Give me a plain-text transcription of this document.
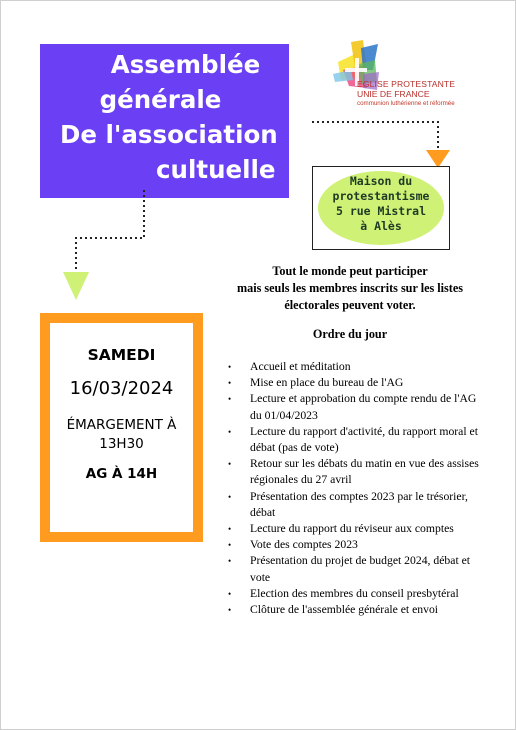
Assemblée
générale
De l'association
cultuelle
EGLISE PROTESTANTE
UNIE DE FRANCE
communion luthérienne et réformée
Maison du
protestantisme
5 rue Mistral
à Alès
SAMEDI
16/03/2024
ÉMARGEMENT À
13H30
AG À 14H
Tout le monde peut participer
mais seuls les membres inscrits sur les listes
électorales peuvent voter.
Ordre du jour
• Accueil et méditation
• Mise en place du bureau de l'AG
• Lecture et approbation du compte rendu de l'AG du 01/04/2023
• Lecture du rapport d'activité, du rapport moral et débat (pas de vote)
• Retour sur les débats du matin en vue des assises régionales du 27 avril
• Présentation des comptes 2023 par le trésorier, débat
• Lecture du rapport du réviseur aux comptes
• Vote des comptes 2023
• Présentation du projet de budget 2024, débat et vote
• Election des membres du conseil presbytéral
• Clôture de l'assemblée générale et envoi
